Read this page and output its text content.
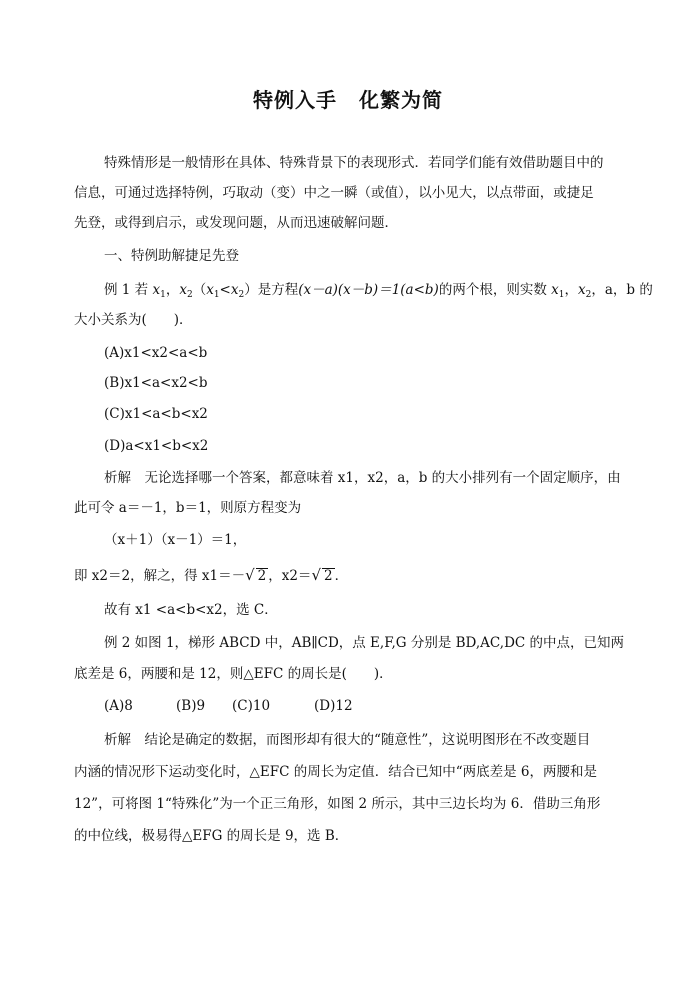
特例入手 化繁为简
特殊情形是一般情形在具体、特殊背景下的表现形式．若同学们能有效借助题目中的
信息，可通过选择特例，巧取动（变）中之一瞬（或值），以小见大，以点带面，或捷足
先登，或得到启示，或发现问题，从而迅速破解问题．
一、特例助解捷足先登
例 1 若 $x_1$，$x_2(x_1<x_2)$是方程(x－a)(x－b)＝1(a<b)的两个根，则实数 $x_1$，$x_2$，a，b 的
大小关系为(　　)．
(A)x1<x2<a<b
(B)x1<a<x2<b
(C)x1<a<b<x2
(D)a<x1<b<x2
析解　无论选择哪一个答案，都意味着 x1，x2，a，b 的大小排列有一个固定顺序，由
此可令 a＝－1，b＝1，则原方程变为
（x＋1）（x－1）＝1，
即 x2＝2，解之，得 x1＝－√ 2 ，x2＝√ 2 ．
故有 x1 <a<b<x2，选 C．
例 2 如图 1，梯形 ABCD 中，AB∥CD，点 E,F,G 分别是 BD,AC,DC 的中点，已知两
底差是 6，两腰和是 12，则△EFC 的周长是(　　)．
(A)8	(B)9 (C)10	(D)12
析解　结论是确定的数据，而图形却有很大的“随意性”，这说明图形在不改变题目
内涵的情况形下运动变化时，△EFC 的周长为定值．结合已知中“两底差是 6，两腰和是
12”，可将图 1“特殊化”为一个正三角形，如图 2 所示，其中三边长均为 6．借助三角形
的中位线，极易得△EFG 的周长是 9，选 B．
